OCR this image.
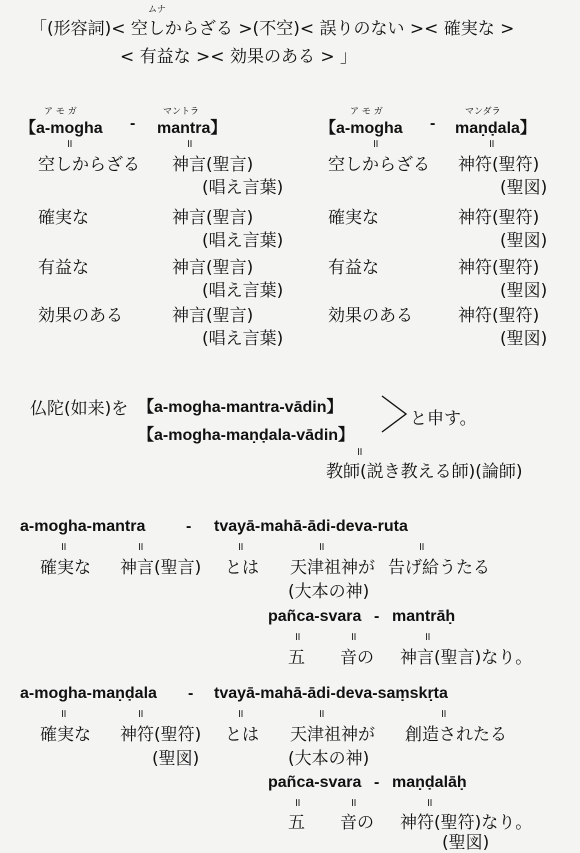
ムナ
「(形容詞)< 空しからざる >(不空)< 誤りのない >< 確実な >
< 有益な >< 効果のある > 」
ア モ ガ	マントラ
【a-mogha - mantra】
॥	॥
空しからざる 神言(聖言)
(唱え言葉)
確実な	神言(聖言)
(唱え言葉)
有益な	神言(聖言)
(唱え言葉)
効果のある	神言(聖言)
(唱え言葉)
ア モ ガ	マンダラ
【a-mogha - maṇḍala】
॥	॥
空しからざる 神符(聖符)
(聖図)
確実な	神符(聖符)
(聖図)
有益な	神符(聖符)
(聖図)
効果のある	神符(聖符)
(聖図)
仏陀(如来)を 【a-mogha-mantra-vādin】
【a-mogha-maṇḍala-vādin】
と申す。
॥
教師(説き教える師)(論師)
a-mogha-mantra	- tvayā-mahā-ādi-deva-ruta
॥	॥	॥	॥	॥
確実な 神言(聖言) とは 天津祖神が 告げ給うたる
(大本の神)
pañca-svara - mantrāḥ
॥	॥	॥
五 音の 神言(聖言)なり。
a-mogha-maṇḍala - tvayā-mahā-ādi-deva-saṃskṛta
॥	॥	॥	॥	॥
確実な 神符(聖符) とは 天津祖神が 創造されたる
(聖図)	(大本の神)
pañca-svara - maṇḍalāḥ
॥	॥	॥
五 音の 神符(聖符)なり。
(聖図)
